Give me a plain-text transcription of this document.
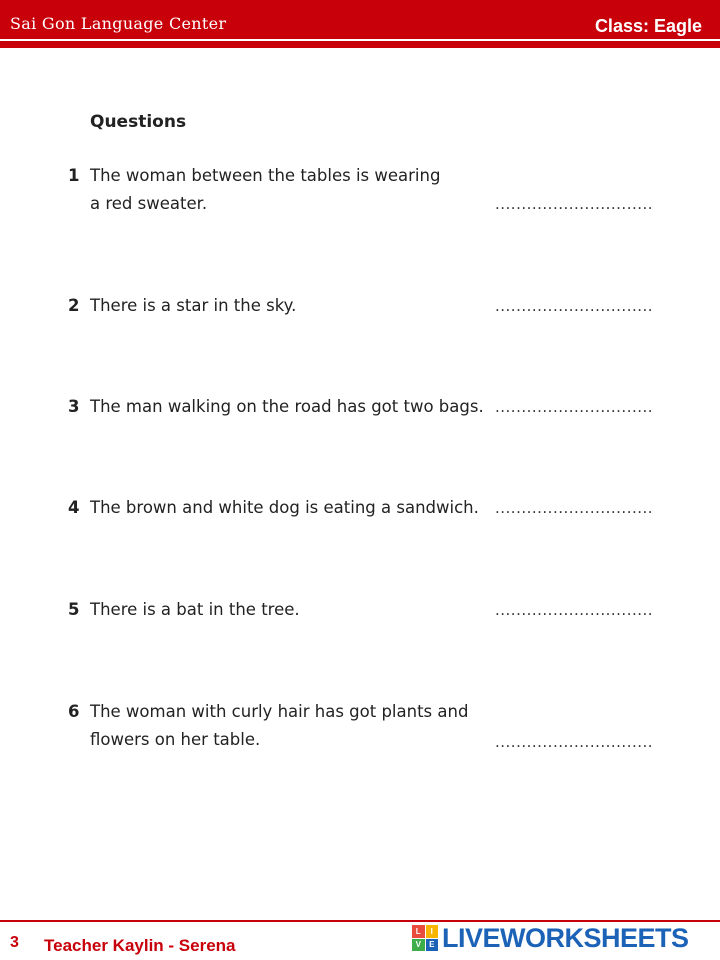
Sai Gon Language Center	Class: Eagle
Questions
1 The woman between the tables is wearing
a red sweater.	..............................
2 There is a star in the sky.	..............................
3 The man walking on the road has got two bags. ..............................
4 The brown and white dog is eating a sandwich.	..............................
5 There is a bat in the tree.	..............................
6 The woman with curly hair has got plants and
flowers on her table.	..............................
3 Teacher Kaylin - Serena
L	I
V	E LIVEWORKSHEETS
